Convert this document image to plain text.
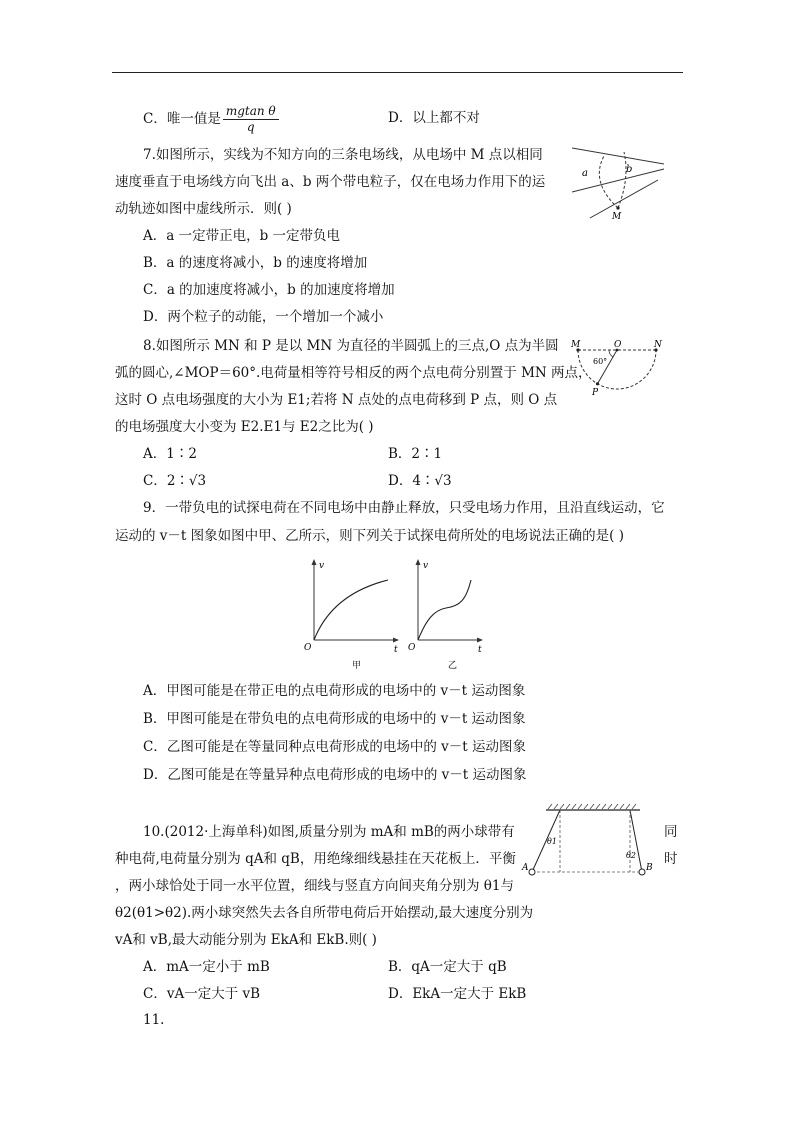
C．唯一值是 $\frac{\text{mgtan θ}}{q}$	D．以上都不对
7.如图所示，实线为不知方向的三条电场线，从电场中 M 点以相同
速度垂直于电场线方向飞出 a、b 两个带电粒子，仅在电场力作用下的运
动轨迹如图中虚线所示．则( )
A．a 一定带正电，b 一定带负电
B．a 的速度将减小，b 的速度将增加
C．a 的加速度将减小，b 的加速度将增加
D．两个粒子的动能，一个增加一个减小
a	b
M
8.如图所示 MN 和 P 是以 MN 为直径的半圆弧上的三点,O 点为半圆
弧的圆心,∠MOP＝60°.电荷量相等符号相反的两个点电荷分别置于 MN 两点，
这时 O 点电场强度的大小为 E1;若将 N 点处的点电荷移到 P 点，则 O 点
的电场强度大小变为 E2.E1与 E2之比为( )
A．1∶2	B．2∶1
C．2∶√3	D．4∶√3
M	O	N
P
60°
9．一带负电的试探电荷在不同电场中由静止释放，只受电场力作用，且沿直线运动，它
运动的 v－t 图象如图中甲、乙所示，则下列关于试探电荷所处的电场说法正确的是( )
v
t
O
甲
v
t
O
乙
A．甲图可能是在带正电的点电荷形成的电场中的 v－t 运动图象
B．甲图可能是在带负电的点电荷形成的电场中的 v－t 运动图象
C．乙图可能是在等量同种点电荷形成的电场中的 v－t 运动图象
D．乙图可能是在等量异种点电荷形成的电场中的 v－t 运动图象
10.(2012·上海单科)如图,质量分别为 mA和 mB的两小球带有	同
种电荷,电荷量分别为 qA和 qB，用绝缘细线悬挂在天花板上．平衡	时
，两小球恰处于同一水平位置，细线与竖直方向间夹角分别为 θ1与
θ2(θ1>θ2).两小球突然失去各自所带电荷后开始摆动,最大速度分别为
vA和 vB,最大动能分别为 EkA和 EkB.则( )
A．mA一定小于 mB	B．qA一定大于 qB
C．vA一定大于 vB	D．EkA一定大于 EkB
θ1
θ2
A	B
11.
